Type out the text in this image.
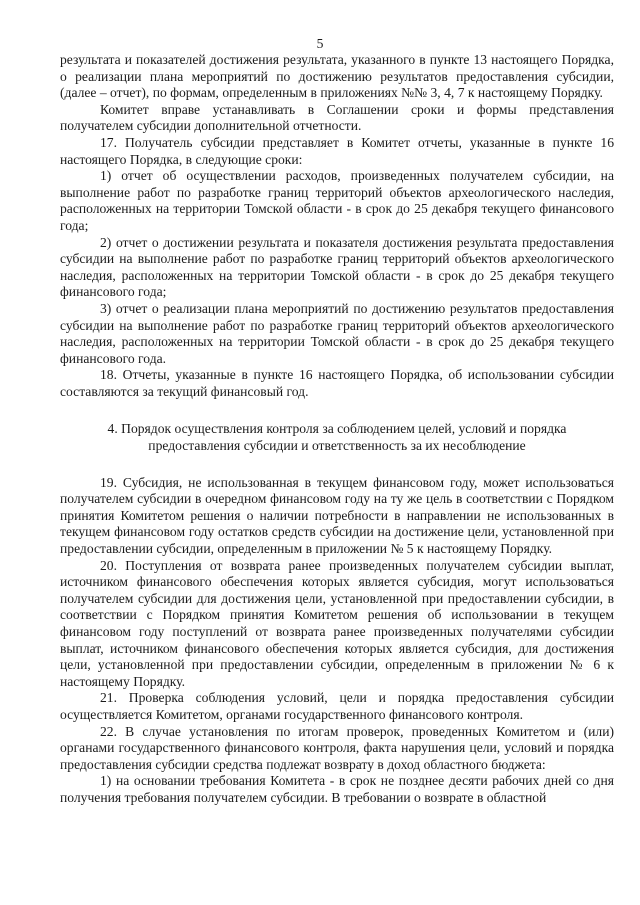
5

результата и показателей достижения результата, указанного в пункте 13 настоящего Порядка, о реализации плана мероприятий по достижению результатов предоставления субсидии, (далее – отчет), по формам, определенным в приложениях №№ 3, 4, 7 к настоящему Порядку.

Комитет вправе устанавливать в Соглашении сроки и формы представления получателем субсидии дополнительной отчетности.

17. Получатель субсидии представляет в Комитет отчеты, указанные в пункте 16 настоящего Порядка, в следующие сроки:

1) отчет об осуществлении расходов, произведенных получателем субсидии, на выполнение работ по разработке границ территорий объектов археологического наследия, расположенных на территории Томской области - в срок до 25 декабря текущего финансового года;

2) отчет о достижении результата и показателя достижения результата предоставления субсидии на выполнение работ по разработке границ территорий объектов археологического наследия, расположенных на территории Томской области - в срок до 25 декабря текущего финансового года;

3) отчет о реализации плана мероприятий по достижению результатов предоставления субсидии на выполнение работ по разработке границ территорий объектов археологического наследия, расположенных на территории Томской области - в срок до 25 декабря текущего финансового года.

18. Отчеты, указанные в пункте 16 настоящего Порядка, об использовании субсидии составляются за текущий финансовый год.

4. Порядок осуществления контроля за соблюдением целей, условий и порядка предоставления субсидии и ответственность за их несоблюдение

19. Субсидия, не использованная в текущем финансовом году, может использоваться получателем субсидии в очередном финансовом году на ту же цель в соответствии с Порядком принятия Комитетом решения о наличии потребности в направлении не использованных в текущем финансовом году остатков средств субсидии на достижение цели, установленной при предоставлении субсидии, определенным в приложении № 5 к настоящему Порядку.

20. Поступления от возврата ранее произведенных получателем субсидии выплат, источником финансового обеспечения которых является субсидия, могут использоваться получателем субсидии для достижения цели, установленной при предоставлении субсидии, в соответствии с Порядком принятия Комитетом решения об использовании в текущем финансовом году поступлений от возврата ранее произведенных получателями субсидии выплат, источником финансового обеспечения которых является субсидия, для достижения цели, установленной при предоставлении субсидии, определенным в приложении № 6 к настоящему Порядку.

21. Проверка соблюдения условий, цели и порядка предоставления субсидии осуществляется Комитетом, органами государственного финансового контроля.

22. В случае установления по итогам проверок, проведенных Комитетом и (или) органами государственного финансового контроля, факта нарушения цели, условий и порядка предоставления субсидии средства подлежат возврату в доход областного бюджета:

1) на основании требования Комитета - в срок не позднее десяти рабочих дней со дня получения требования получателем субсидии. В требовании о возврате в областной
